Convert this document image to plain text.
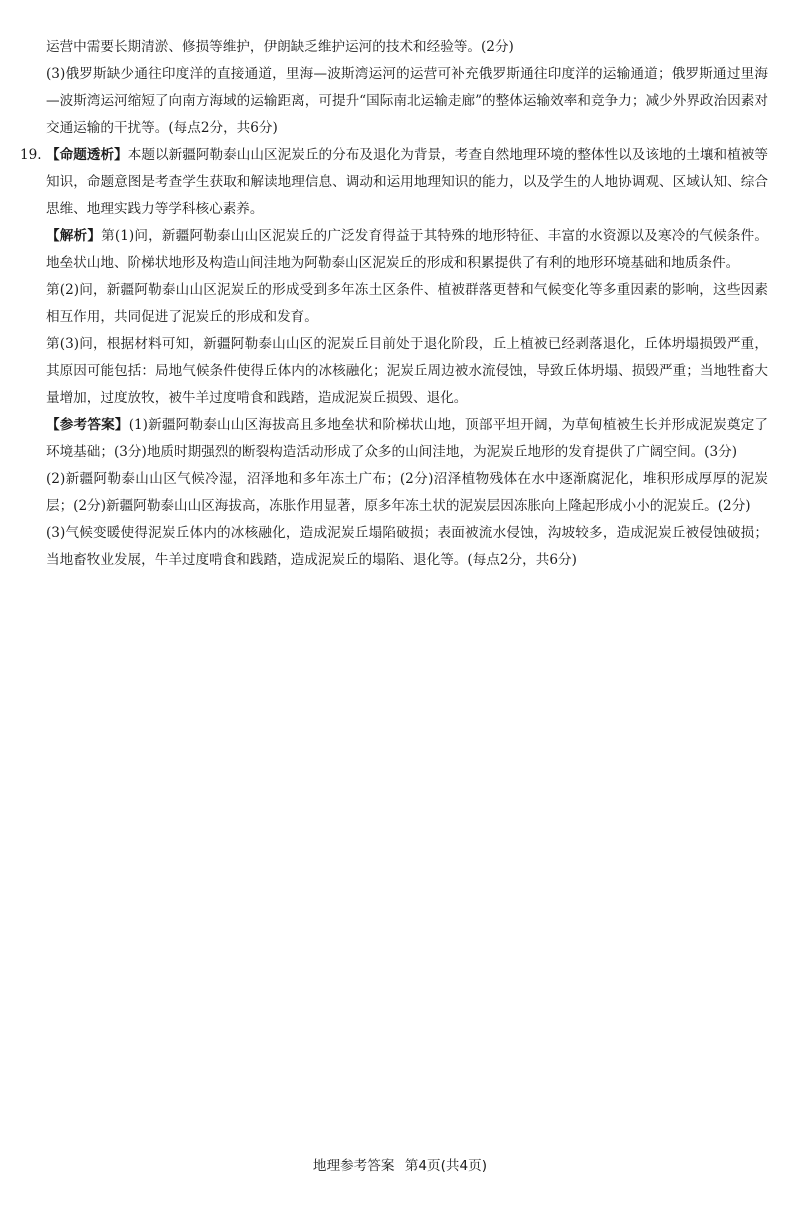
运营中需要长期清淤、修损等维护，伊朗缺乏维护运河的技术和经验等。(2分)

(3)俄罗斯缺少通往印度洋的直接通道，里海—波斯湾运河的运营可补充俄罗斯通往印度洋的运输通道；俄罗斯通过里海—波斯湾运河缩短了向南方海域的运输距离，可提升“国际南北运输走廊”的整体运输效率和竞争力；减少外界政治因素对交通运输的干扰等。(每点2分，共6分)

19. 【命题透析】本题以新疆阿勒泰山山区泥炭丘的分布及退化为背景，考查自然地理环境的整体性以及该地的土壤和植被等知识，命题意图是考查学生获取和解读地理信息、调动和运用地理知识的能力，以及学生的人地协调观、区域认知、综合思维、地理实践力等学科核心素养。

【解析】第(1)问，新疆阿勒泰山山区泥炭丘的广泛发育得益于其特殊的地形特征、丰富的水资源以及寒冷的气候条件。地垒状山地、阶梯状地形及构造山间洼地为阿勒泰山区泥炭丘的形成和积累提供了有利的地形环境基础和地质条件。

第(2)问，新疆阿勒泰山山区泥炭丘的形成受到多年冻土区条件、植被群落更替和气候变化等多重因素的影响，这些因素相互作用，共同促进了泥炭丘的形成和发育。

第(3)问，根据材料可知，新疆阿勒泰山山区的泥炭丘目前处于退化阶段，丘上植被已经剥落退化，丘体坍塌损毁严重，其原因可能包括：局地气候条件使得丘体内的冰核融化；泥炭丘周边被水流侵蚀，导致丘体坍塌、损毁严重；当地牲畜大量增加，过度放牧，被牛羊过度啃食和践踏，造成泥炭丘损毁、退化。

【参考答案】(1)新疆阿勒泰山山区海拔高且多地垒状和阶梯状山地，顶部平坦开阔，为草甸植被生长并形成泥炭奠定了环境基础；(3分)地质时期强烈的断裂构造活动形成了众多的山间洼地，为泥炭丘地形的发育提供了广阔空间。(3分)

(2)新疆阿勒泰山山区气候冷湿，沼泽地和多年冻土广布；(2分)沼泽植物残体在水中逐渐腐泥化，堆积形成厚厚的泥炭层；(2分)新疆阿勒泰山山区海拔高，冻胀作用显著，原多年冻土状的泥炭层因冻胀向上隆起形成小小的泥炭丘。(2分)

(3)气候变暖使得泥炭丘体内的冰核融化，造成泥炭丘塌陷破损；表面被流水侵蚀，沟坡较多，造成泥炭丘被侵蚀破损；当地畜牧业发展，牛羊过度啃食和践踏，造成泥炭丘的塌陷、退化等。(每点2分，共6分)

地理参考答案 第4页(共4页)
